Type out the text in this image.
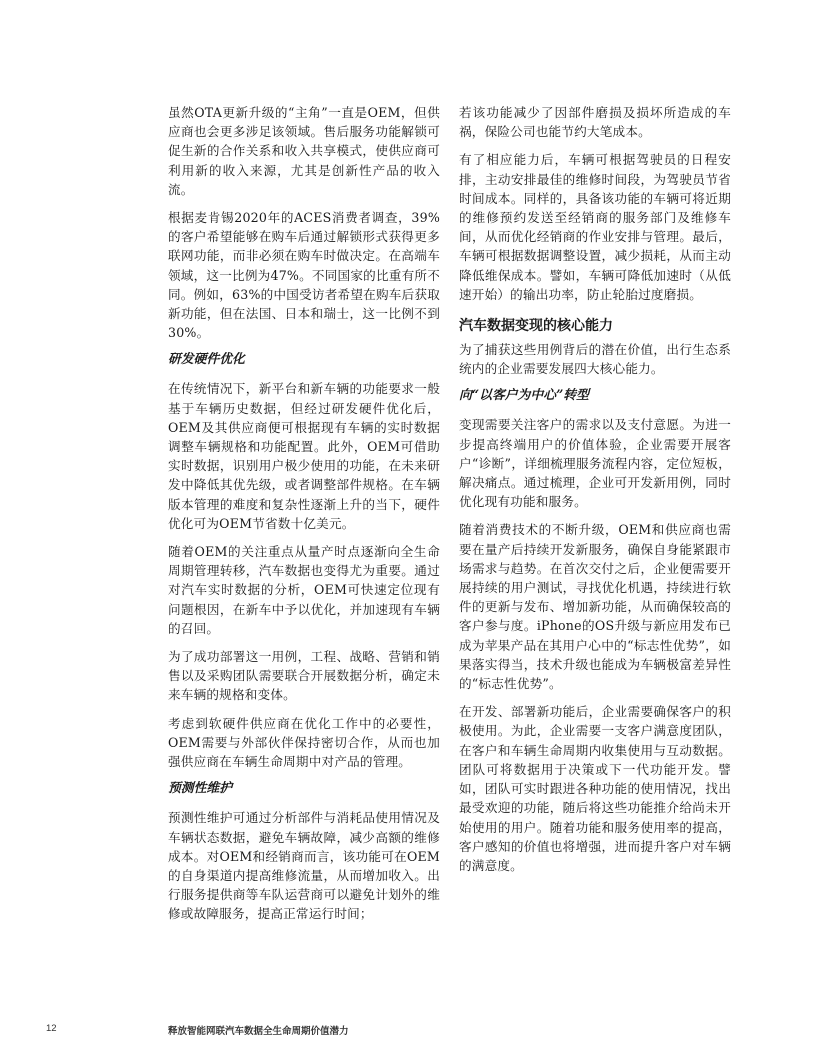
虽然OTA更新升级的“主角”一直是OEM，但供应商也会更多涉足该领域。售后服务功能解锁可促生新的合作关系和收入共享模式，使供应商可利用新的收入来源，尤其是创新性产品的收入流。

根据麦肯锡2020年的ACES消费者调查，39%的客户希望能够在购车后通过解锁形式获得更多联网功能，而非必须在购车时做决定。在高端车领域，这一比例为47%。不同国家的比重有所不同。例如，63%的中国受访者希望在购车后获取新功能，但在法国、日本和瑞士，这一比例不到30%。

研发硬件优化

在传统情况下，新平台和新车辆的功能要求一般基于车辆历史数据，但经过研发硬件优化后，OEM及其供应商便可根据现有车辆的实时数据调整车辆规格和功能配置。此外，OEM可借助实时数据，识别用户极少使用的功能，在未来研发中降低其优先级，或者调整部件规格。在车辆版本管理的难度和复杂性逐渐上升的当下，硬件优化可为OEM节省数十亿美元。

随着OEM的关注重点从量产时点逐渐向全生命周期管理转移，汽车数据也变得尤为重要。通过对汽车实时数据的分析，OEM可快速定位现有问题根因，在新车中予以优化，并加速现有车辆的召回。

为了成功部署这一用例，工程、战略、营销和销售以及采购团队需要联合开展数据分析，确定未来车辆的规格和变体。

考虑到软硬件供应商在优化工作中的必要性，OEM需要与外部伙伴保持密切合作，从而也加强供应商在车辆生命周期中对产品的管理。

预测性维护

预测性维护可通过分析部件与消耗品使用情况及车辆状态数据，避免车辆故障，减少高额的维修成本。对OEM和经销商而言，该功能可在OEM的自身渠道内提高维修流量，从而增加收入。出行服务提供商等车队运营商可以避免计划外的维修或故障服务，提高正常运行时间；

若该功能减少了因部件磨损及损坏所造成的车祸，保险公司也能节约大笔成本。

有了相应能力后，车辆可根据驾驶员的日程安排，主动安排最佳的维修时间段，为驾驶员节省时间成本。同样的，具备该功能的车辆可将近期的维修预约发送至经销商的服务部门及维修车间，从而优化经销商的作业安排与管理。最后，车辆可根据数据调整设置，减少损耗，从而主动降低维保成本。譬如，车辆可降低加速时（从低速开始）的输出功率，防止轮胎过度磨损。

汽车数据变现的核心能力

为了捕获这些用例背后的潜在价值，出行生态系统内的企业需要发展四大核心能力。

向“以客户为中心”转型

变现需要关注客户的需求以及支付意愿。为进一步提高终端用户的价值体验，企业需要开展客户“诊断”，详细梳理服务流程内容，定位短板，解决痛点。通过梳理，企业可开发新用例，同时优化现有功能和服务。

随着消费技术的不断升级，OEM和供应商也需要在量产后持续开发新服务，确保自身能紧跟市场需求与趋势。在首次交付之后，企业便需要开展持续的用户测试，寻找优化机遇，持续进行软件的更新与发布、增加新功能，从而确保较高的客户参与度。iPhone的OS升级与新应用发布已成为苹果产品在其用户心中的“标志性优势”，如果落实得当，技术升级也能成为车辆极富差异性的“标志性优势”。

在开发、部署新功能后，企业需要确保客户的积极使用。为此，企业需要一支客户满意度团队，在客户和车辆生命周期内收集使用与互动数据。团队可将数据用于决策或下一代功能开发。譬如，团队可实时跟进各种功能的使用情况，找出最受欢迎的功能，随后将这些功能推介给尚未开始使用的用户。随着功能和服务使用率的提高，客户感知的价值也将增强，进而提升客户对车辆的满意度。

12	释放智能网联汽车数据全生命周期价值潜力
